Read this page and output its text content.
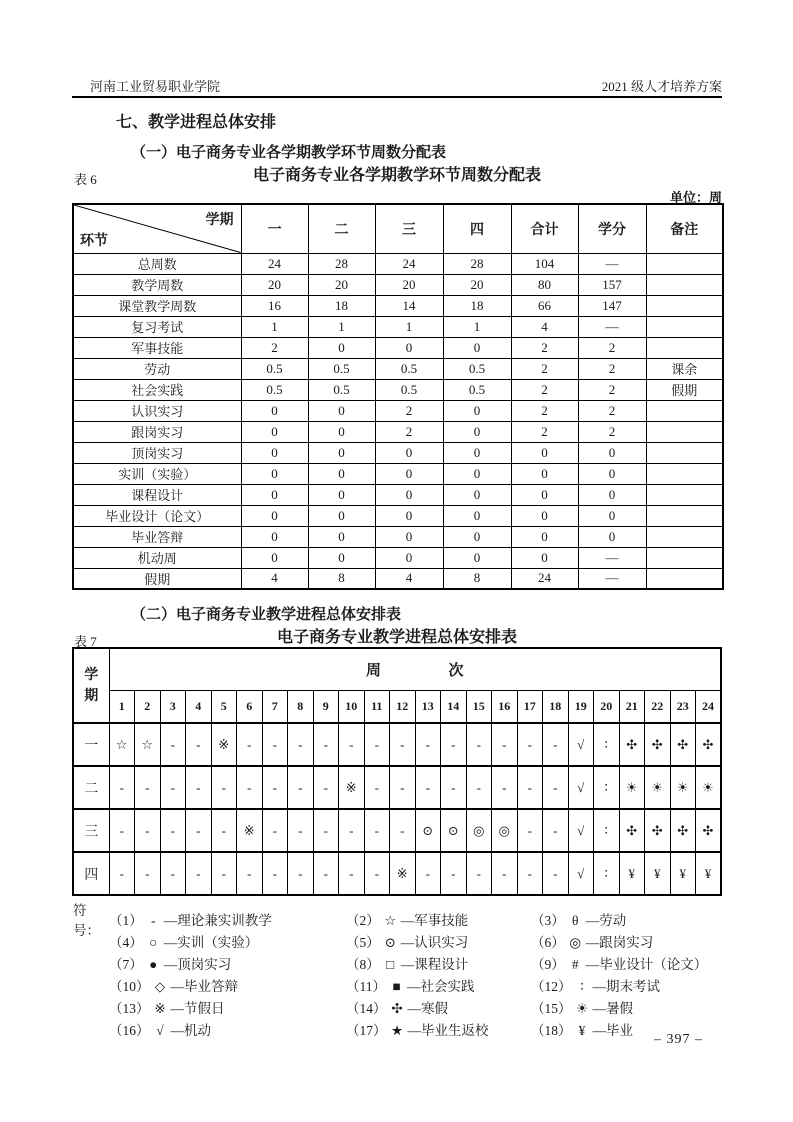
河南工业贸易职业学院	2021 级人才培养方案
七、教学进程总体安排
（一）电子商务专业各学期教学环节周数分配表
表 6	电子商务专业各学期教学环节周数分配表
单位：周
学期
环节	一	二	三	四	合计	学分	备注
总周数	24	28	24	28	104	—	
教学周数	20	20	20	20	80	157	
课堂教学周数	16	18	14	18	66	147	
复习考试	1	1	1	1	4	—	
军事技能	2	0	0	0	2	2	
劳动	0.5	0.5	0.5	0.5	2	2	课余
社会实践	0.5	0.5	0.5	0.5	2	2	假期
认识实习	0	0	2	0	2	2	
跟岗实习	0	0	2	0	2	2	
顶岗实习	0	0	0	0	0	0	
实训（实验）	0	0	0	0	0	0	
课程设计	0	0	0	0	0	0	
毕业设计（论文）	0	0	0	0	0	0	
毕业答辩	0	0	0	0	0	0	
机动周	0	0	0	0	0	—	
假期	4	8	4	8	24	—	
（二）电子商务专业教学进程总体安排表
表 7	电子商务专业教学进程总体安排表
学期	周次																							
	1	2	3	4	5	6	7	8	9	10	11	12	13	14	15	16	17	18	19	20	21	22	23	24
一	☆	☆	-	-	※	-	-	-	-	-	-	-	-	-	-	-	-	-	√	∶	✣	✣	✣	✣
二	-	-	-	-	-	-	-	-	-	※	-	-	-	-	-	-	-	-	√	∶	☀	☀	☀	☀
三	-	-	-	-	-	※	-	-	-	-	-	-	⊙	⊙	◎	◎	-	-	√	∶	✣	✣	✣	✣
四	-	-	-	-	-	-	-	-	-	-	-	※	-	-	-	-	-	-	√	∶	¥	¥	¥	¥
符号：
（1） - —理论兼实训教学	（2） ☆ —军事技能	（3） θ —劳动
（4） ○ —实训（实验）	（5） ⊙ —认识实习	（6） ◎ —跟岗实习
（7） ● —顶岗实习	（8） □ —课程设计	（9） # —毕业设计（论文）
（10） ◇ —毕业答辩	（11） ■ —社会实践	（12） ∶ —期末考试
（13） ※ —节假日	（14） ✣ —寒假	（15） ☀ —暑假
（16） √ —机动	（17） ★ —毕业生返校	（18） ¥ —毕业
– 397 –
